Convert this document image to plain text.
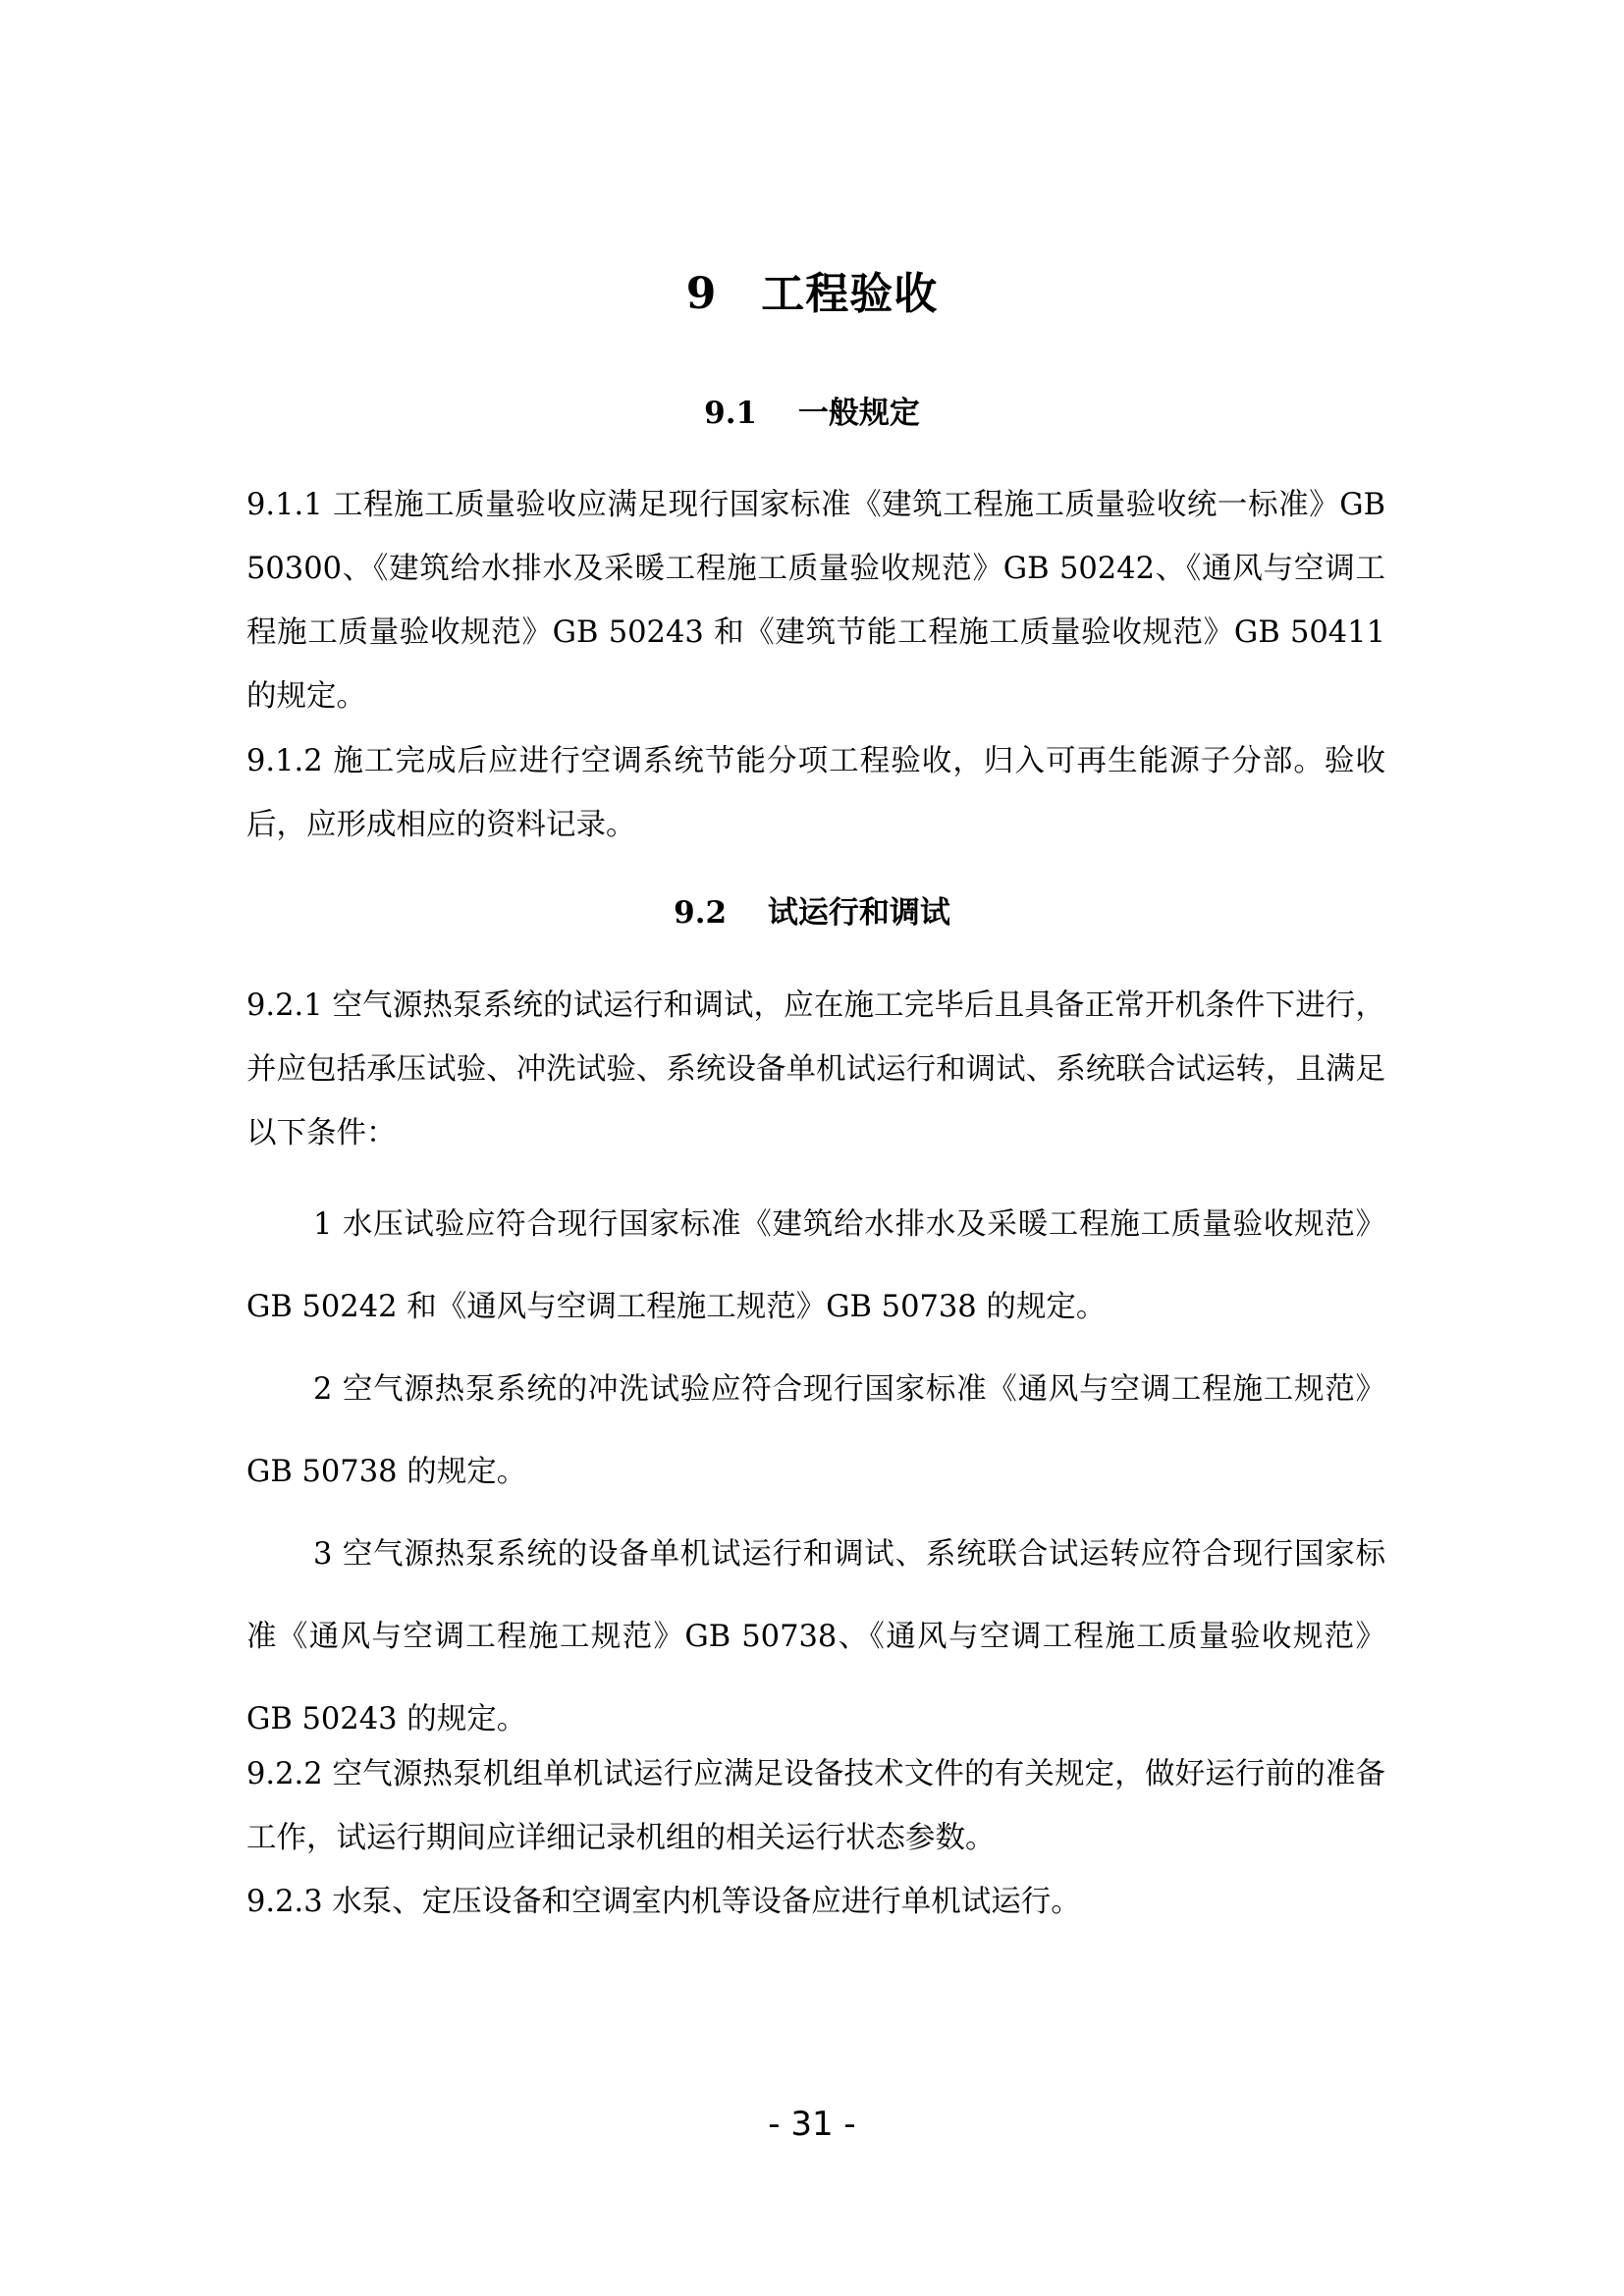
9　工程验收
9.1　 一般规定

9.1.1 工程施工质量验收应满足现行国家标准《建筑工程施工质量验收统一标准》GB 50300、《建筑给水排水及采暖工程施工质量验收规范》GB 50242、《通风与空调工程施工质量验收规范》GB 50243 和《建筑节能工程施工质量验收规范》GB 50411 的规定。

9.1.2 施工完成后应进行空调系统节能分项工程验收，归入可再生能源子分部。验收后，应形成相应的资料记录。

9.2　 试运行和调试

9.2.1 空气源热泵系统的试运行和调试，应在施工完毕后且具备正常开机条件下进行，并应包括承压试验、冲洗试验、系统设备单机试运行和调试、系统联合试运转，且满足以下条件：

1 水压试验应符合现行国家标准《建筑给水排水及采暖工程施工质量验收规范》GB 50242 和《通风与空调工程施工规范》GB 50738 的规定。

2 空气源热泵系统的冲洗试验应符合现行国家标准《通风与空调工程施工规范》GB 50738 的规定。

3 空气源热泵系统的设备单机试运行和调试、系统联合试运转应符合现行国家标准《通风与空调工程施工规范》GB 50738、《通风与空调工程施工质量验收规范》GB 50243 的规定。

9.2.2 空气源热泵机组单机试运行应满足设备技术文件的有关规定，做好运行前的准备工作，试运行期间应详细记录机组的相关运行状态参数。

9.2.3 水泵、定压设备和空调室内机等设备应进行单机试运行。

- 31 -
